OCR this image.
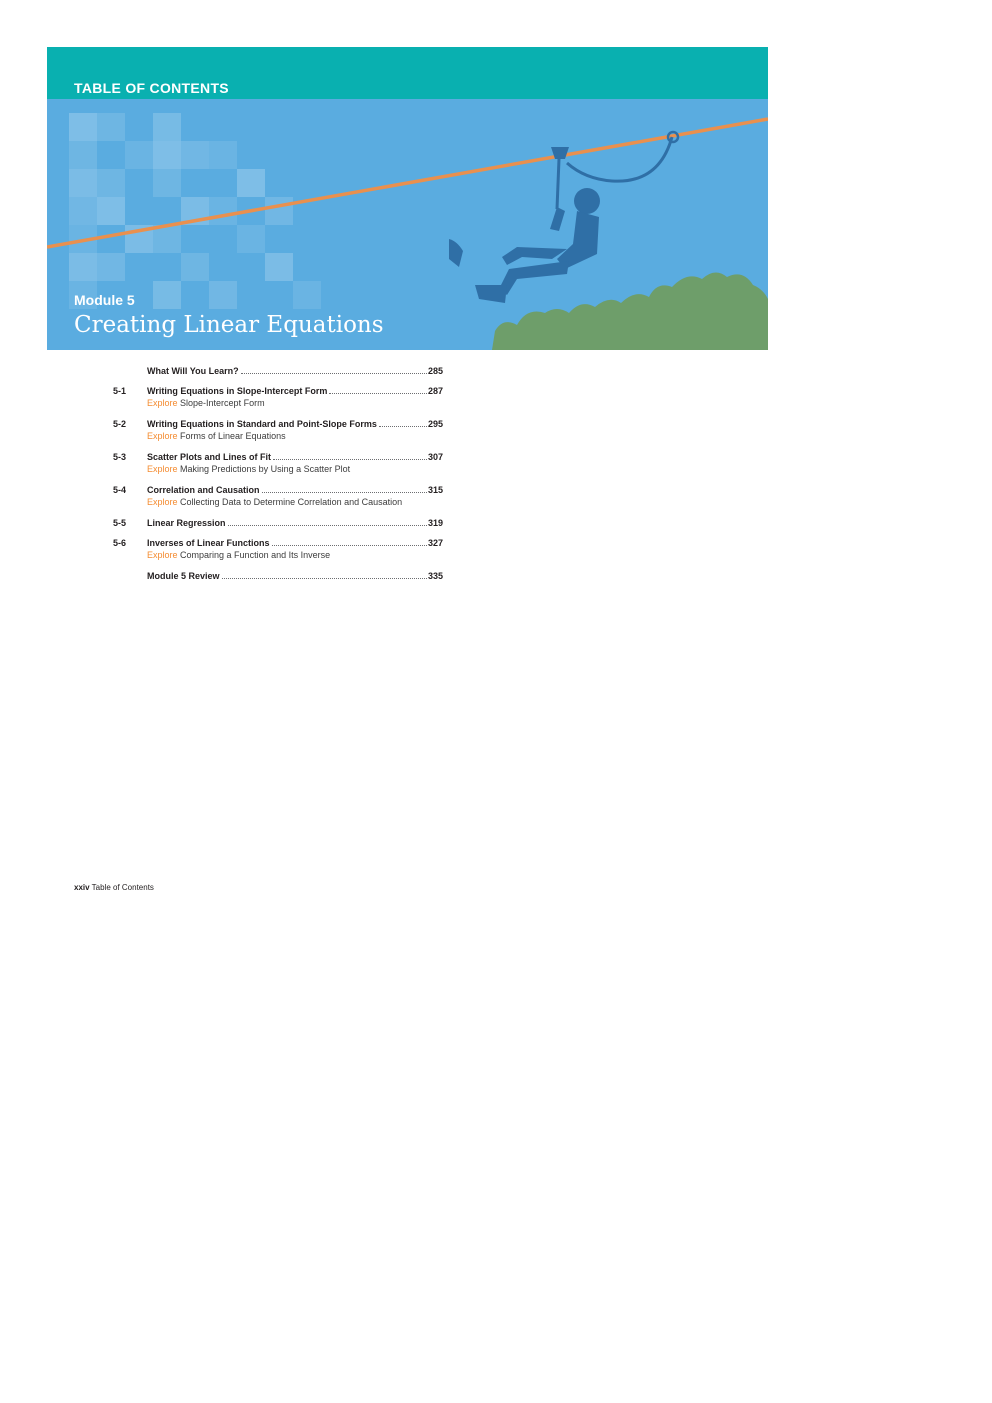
TABLE OF CONTENTS
Module 5
Creating Linear Equations
What Will You Learn?	285
5-1	Writing Equations in Slope-Intercept Form	287
Explore Slope-Intercept Form
5-2	Writing Equations in Standard and Point-Slope Forms	295
Explore Forms of Linear Equations
5-3	Scatter Plots and Lines of Fit	307
Explore Making Predictions by Using a Scatter Plot
5-4	Correlation and Causation	315
Explore Collecting Data to Determine Correlation and Causation
5-5	Linear Regression	319
5-6	Inverses of Linear Functions	327
Explore Comparing a Function and Its Inverse
Module 5 Review	335
xxiv Table of Contents
